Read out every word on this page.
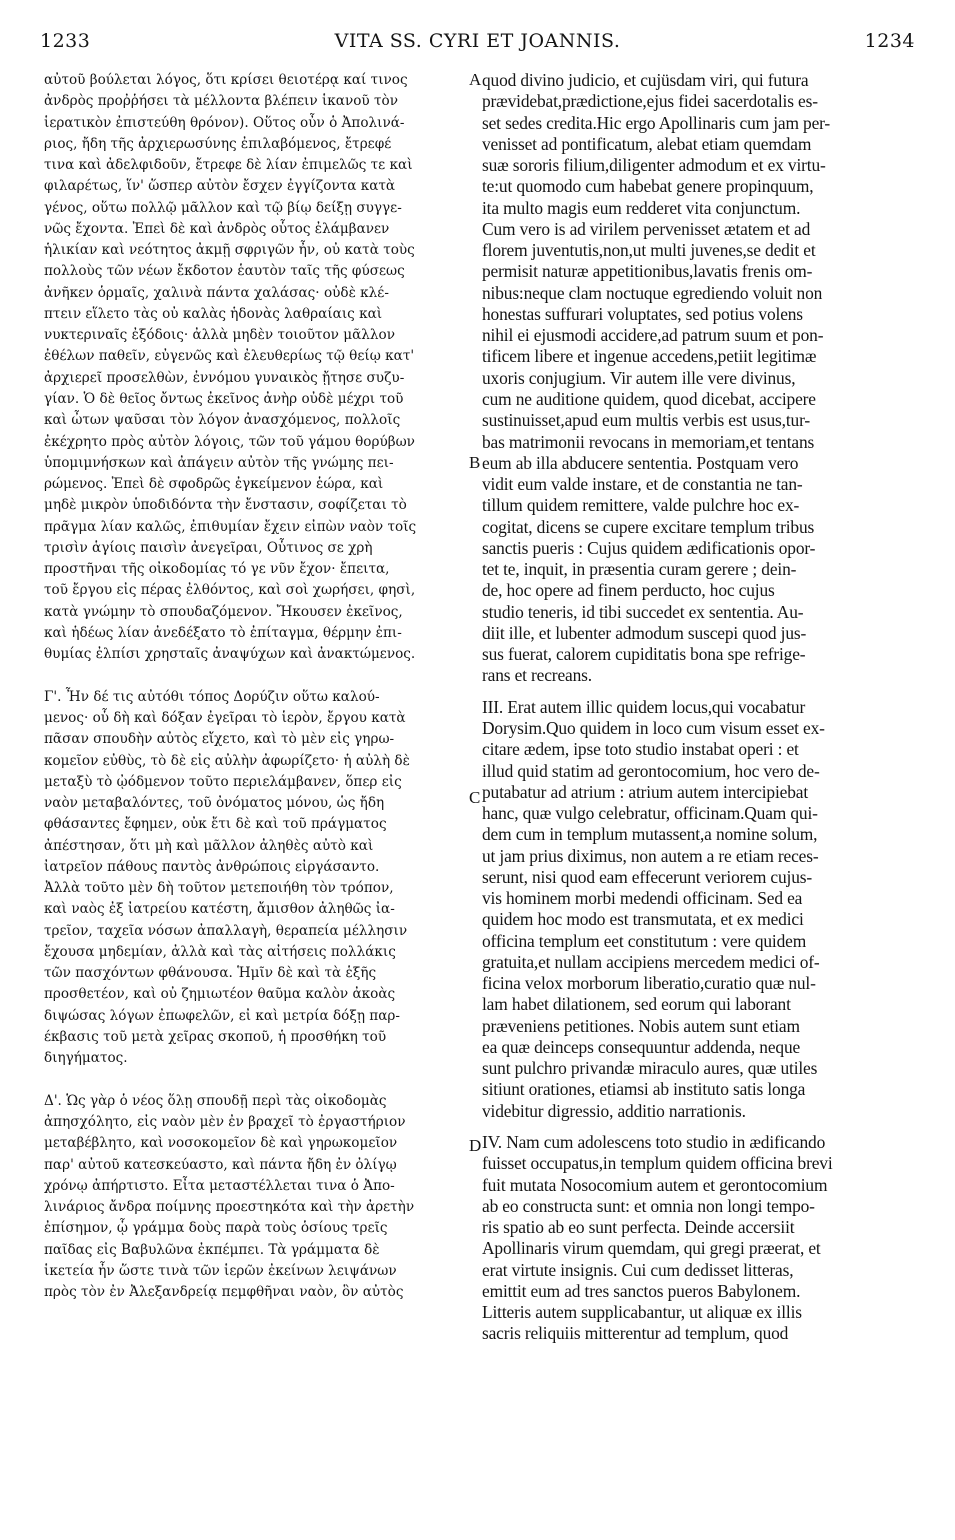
1233	VITA SS. CYRI ET JOANNIS.	1234
αὐτοῦ βούλεται λόγος, ὅτι κρίσει θειοτέρᾳ καί τινος
ἀνδρὸς προῤῥήσει τὰ μέλλοντα βλέπειν ἱκανοῦ τὸν
ἱερατικὸν ἐπιστεύθη θρόνον). Οὕτος οὖν ὁ Ἀπολινά-
ριος, ἤδη τῆς ἀρχιερωσύνης ἐπιλαβόμενος, ἔτρεφέ
τινα καὶ ἀδελφιδοῦν, ἔτρεφε δὲ λίαν ἐπιμελῶς τε καὶ
φιλαρέτως, ἵν' ὥσπερ αὐτὸν ἔσχεν ἐγγίζοντα κατὰ
γένος, οὕτω πολλῷ μᾶλλον καὶ τῷ βίῳ δείξῃ συγγε-
νῶς ἔχοντα. Ἐπεὶ δὲ καὶ ἀνδρὸς οὗτος ἐλάμβανεν
ἡλικίαν καὶ νεότητος ἀκμῇ σφριγῶν ἦν, οὐ κατὰ τοὺς
πολλοὺς τῶν νέων ἔκδοτον ἑαυτὸν ταῖς τῆς φύσεως
ἀνῆκεν ὁρμαῖς, χαλινὰ πάντα χαλάσας· οὐδὲ κλέ-
πτειν εἵλετο τὰς οὐ καλὰς ἡδονὰς λαθραίαις καὶ
νυκτεριναῖς ἐξόδοις· ἀλλὰ μηδὲν τοιοῦτον μᾶλλον
ἐθέλων παθεῖν, εὐγενῶς καὶ ἐλευθερίως τῷ θείῳ κατ'
ἀρχιερεῖ προσελθὼν, ἐννόμου γυναικὸς ᾔτησε συζυ-
γίαν. Ὁ δὲ θεῖος ὄντως ἐκεῖνος ἀνὴρ οὐδὲ μέχρι τοῦ
καὶ ὦτων ψαῦσαι τὸν λόγον ἀνασχόμενος, πολλοῖς
ἐκέχρητο πρὸς αὐτὸν λόγοις, τῶν τοῦ γάμου θορύβων
ὑπομιμνήσκων καὶ ἀπάγειν αὐτὸν τῆς γνώμης πει-
ρώμενος. Ἐπεὶ δὲ σφοδρῶς ἐγκείμενον ἑώρα, καὶ
μηδὲ μικρὸν ὑποδιδόντα τὴν ἔνστασιν, σοφίζεται τὸ
πρᾶγμα λίαν καλῶς, ἐπιθυμίαν ἔχειν εἰπὼν ναὸν τοῖς
τρισὶν ἁγίοις παισὶν ἀνεγεῖραι, Οὗτινος σε χρὴ
προστῆναι τῆς οἰκοδομίας τό γε νῦν ἔχον· ἔπειτα,
τοῦ ἔργου εἰς πέρας ἐλθόντος, καὶ σοὶ χωρήσει, φησὶ,
κατὰ γνώμην τὸ σπουδαζόμενον. Ἤκουσεν ἐκεῖνος,
καὶ ἡδέως λίαν ἀνεδέξατο τὸ ἐπίταγμα, θέρμην ἐπι-
θυμίας ἐλπίσι χρησταῖς ἀναψύχων καὶ ἀνακτώμενος.
Γ'. Ἦν δέ τις αὐτόθι τόπος Δορύζιν οὕτω καλού-
μενος· οὗ δὴ καὶ δόξαν ἐγεῖραι τὸ ἱερὸν, ἔργου κατὰ
πᾶσαν σπουδὴν αὐτὸς εἴχετο, καὶ τὸ μὲν εἰς γηρω-
κομεῖον εὐθὺς, τὸ δὲ εἰς αὐλὴν ἀφωρίζετο· ἡ αὐλὴ δὲ
μεταξὺ τὸ ᾠόδμενον τοῦτο περιελάμβανεν, ὅπερ εἰς
ναὸν μεταβαλόντες, τοῦ ὀνόματος μόνου, ὡς ἤδη
φθάσαντες ἔφημεν, οὐκ ἔτι δὲ καὶ τοῦ πράγματος
ἀπέστησαν, ὅτι μὴ καὶ μᾶλλον ἀληθὲς αὐτὸ καὶ
ἰατρεῖον πάθους παντὸς ἀνθρώποις εἰργάσαντο.
Ἀλλὰ τοῦτο μὲν δὴ τοῦτον μετεποιήθη τὸν τρόπον,
καὶ ναὸς ἐξ ἰατρείου κατέστη, ἄμισθον ἀληθῶς ἰα-
τρεῖον, ταχεῖα νόσων ἀπαλλαγὴ, θεραπεία μέλλησιν
ἔχουσα μηδεμίαν, ἀλλὰ καὶ τὰς αἰτήσεις πολλάκις
τῶν πασχόντων φθάνουσα. Ἡμῖν δὲ καὶ τὰ ἑξῆς
προσθετέον, καὶ οὐ ζημιωτέον θαῦμα καλὸν ἀκοὰς
διψώσας λόγων ἐπωφελῶν, εἰ καὶ μετρία δόξῃ παρ-
έκβασις τοῦ μετὰ χεῖρας σκοποῦ, ἡ προσθήκη τοῦ
διηγήματος.
Δ'. Ὡς γὰρ ὁ νέος ὅλῃ σπουδῇ περὶ τὰς οἰκοδομὰς
ἀπησχόλητο, εἰς ναὸν μὲν ἐν βραχεῖ τὸ ἐργαστήριον
μεταβέβλητο, καὶ νοσοκομεῖον δὲ καὶ γηρωκομεῖον
παρ' αὐτοῦ κατεσκεύαστο, καὶ πάντα ἤδη ἐν ὀλίγῳ
χρόνῳ ἀπήρτιστο. Εἶτα μεταστέλλεται τινα ὁ Ἀπο-
λινάριος ἄνδρα ποίμνης προεστηκότα καὶ τὴν ἀρετὴν
ἐπίσημον, ᾧ γράμμα δοὺς παρὰ τοὺς ὁσίους τρεῖς
παῖδας εἰς Βαβυλῶνα ἐκπέμπει. Τὰ γράμματα δὲ
ἱκετεία ἦν ὥστε τινὰ τῶν ἱερῶν ἐκείνων λειψάνων
πρὸς τὸν ἐν Ἀλεξανδρείᾳ πεμφθῆναι ναὸν, ὃν αὐτὸς
quod divino judicio, et cujüsdam viri, qui futura
prævidebat,prædictione,ejus fidei sacerdotalis es-
set sedes credita.Hic ergo Apollinaris cum jam per-
venisset ad pontificatum, alebat etiam quemdam
suæ sororis filium,diligenter admodum et ex virtu-
te:ut quomodo cum habebat genere propinquum,
ita multo magis eum redderet vita conjunctum.
Cum vero is ad virilem pervenisset ætatem et ad
florem juventutis,non,ut multi juvenes,se dedit et
permisit naturæ appetitionibus,lavatis frenis om-
nibus:neque clam noctuque egrediendo voluit non
honestas suffurari voluptates, sed potius volens
nihil ei ejusmodi accidere,ad patrum suum et pon-
tificem libere et ingenue accedens,petiit legitimæ
uxoris conjugium. Vir autem ille vere divinus,
cum ne auditione quidem, quod dicebat, accipere
sustinuisset,apud eum multis verbis est usus,tur-
bas matrimonii revocans in memoriam,et tentans
eum ab illa abducere sententia. Postquam vero
vidit eum valde instare, et de constantia ne tan-
tillum quidem remittere, valde pulchre hoc ex-
cogitat, dicens se cupere excitare templum tribus
sanctis pueris : Cujus quidem ædificationis opor-
tet te, inquit, in præsentia curam gerere ; dein-
de, hoc opere ad finem perducto, hoc cujus
studio teneris, id tibi succedet ex sententia. Au-
diit ille, et lubenter admodum suscepi quod jus-
sus fuerat, calorem cupiditatis bona spe refrige-
rans et recreans.
III. Erat autem illic quidem locus,qui vocabatur
Dorysim.Quo quidem in loco cum visum esset ex-
citare ædem, ipse toto studio instabat operi : et
illud quid statim ad gerontocomium, hoc vero de-
putabatur ad atrium : atrium autem intercipiebat
hanc, quæ vulgo celebratur, officinam.Quam qui-
dem cum in templum mutassent,a nomine solum,
ut jam prius diximus, non autem a re etiam reces-
serunt, nisi quod eam effecerunt veriorem cujus-
vis hominem morbi medendi officinam. Sed ea
quidem hoc modo est transmutata, et ex medici
officina templum eet constitutum : vere quidem
gratuita,et nullam accipiens mercedem medici of-
ficina velox morborum liberatio,curatio quæ nul-
lam habet dilationem, sed eorum qui laborant
præveniens petitiones. Nobis autem sunt etiam
ea quæ deinceps consequuntur addenda, neque
sunt pulchro privandæ miraculo aures, quæ utiles
sitiunt orationes, etiamsi ab instituto satis longa
videbitur digressio, additio narrationis.
IV. Nam cum adolescens toto studio in ædificando
fuisset occupatus,in templum quidem officina brevi
fuit mutata Nosocomium autem et gerontocomium
ab eo constructa sunt: et omnia non longi tempo-
ris spatio ab eo sunt perfecta. Deinde accersiit
Apollinaris virum quemdam, qui gregi præerat, et
erat virtute insignis. Cui cum dedisset litteras,
emittit eum ad tres sanctos pueros Babylonem.
Litteris autem supplicabantur, ut aliquæ ex illis
sacris reliquiis mitterentur ad templum, quod
A
B
C
D
